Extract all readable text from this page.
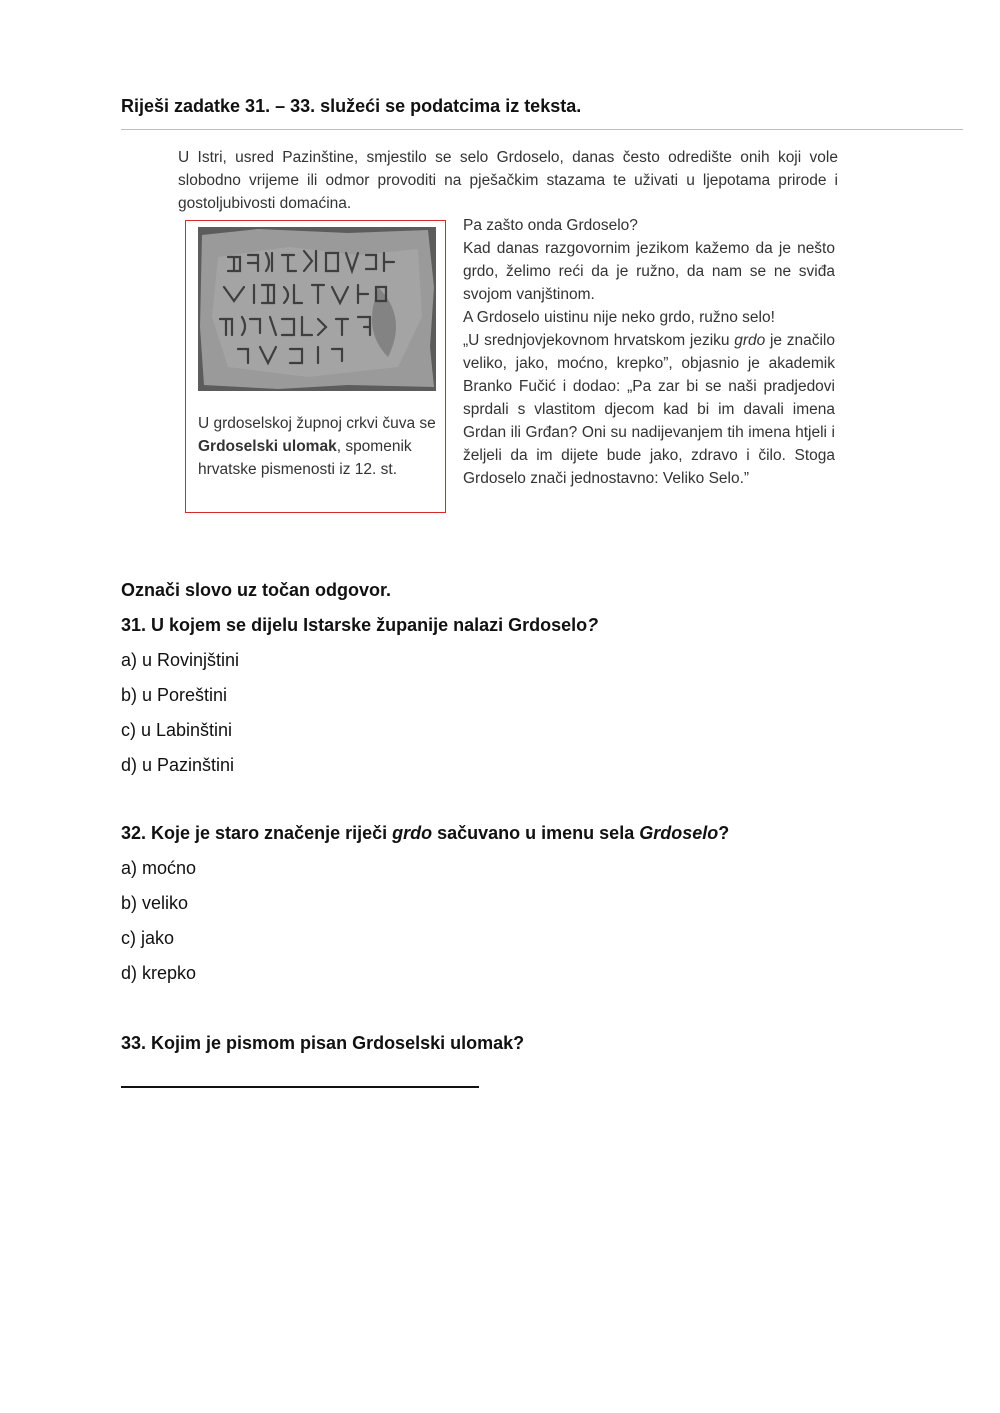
Riješi zadatke 31. – 33. služeći se podatcima iz teksta.
U Istri, usred Pazinštine, smjestilo se selo Grdoselo, danas često odredište onih koji vole slobodno vrijeme ili odmor provoditi na pješačkim stazama te uživati u ljepotama prirode i gostoljubivosti domaćina.
U grdoselskoj župnoj crkvi čuva se Grdoselski ulomak, spomenik hrvatske pismenosti iz 12. st.

Pa zašto onda Grdoselo?

Kad danas razgovornim jezikom kažemo da je nešto grdo, želimo reći da je ružno, da nam se ne sviđa svojom vanjštinom.

A Grdoselo uistinu nije neko grdo, ružno selo!

„U srednjovjekovnom hrvatskom jeziku grdo je značilo veliko, jako, moćno, krepko”, objasnio je akademik Branko Fučić i dodao: „Pa zar bi se naši pradjedovi sprdali s vlastitom djecom kad bi im davali imena Grdan ili Grđan? Oni su nadijevanjem tih imena htjeli i željeli da im dijete bude jako, zdravo i čilo. Stoga Grdoselo znači jednostavno: Veliko Selo.”

Označi slovo uz točan odgovor.
31. U kojem se dijelu Istarske županije nalazi Grdoselo?
a) u Rovinjštini
b) u Poreštini
c) u Labinštini
d) u Pazinštini
32. Koje je staro značenje riječi grdo sačuvano u imenu sela Grdoselo?
a) moćno
b) veliko
c) jako
d) krepko
33. Kojim je pismom pisan Grdoselski ulomak?
